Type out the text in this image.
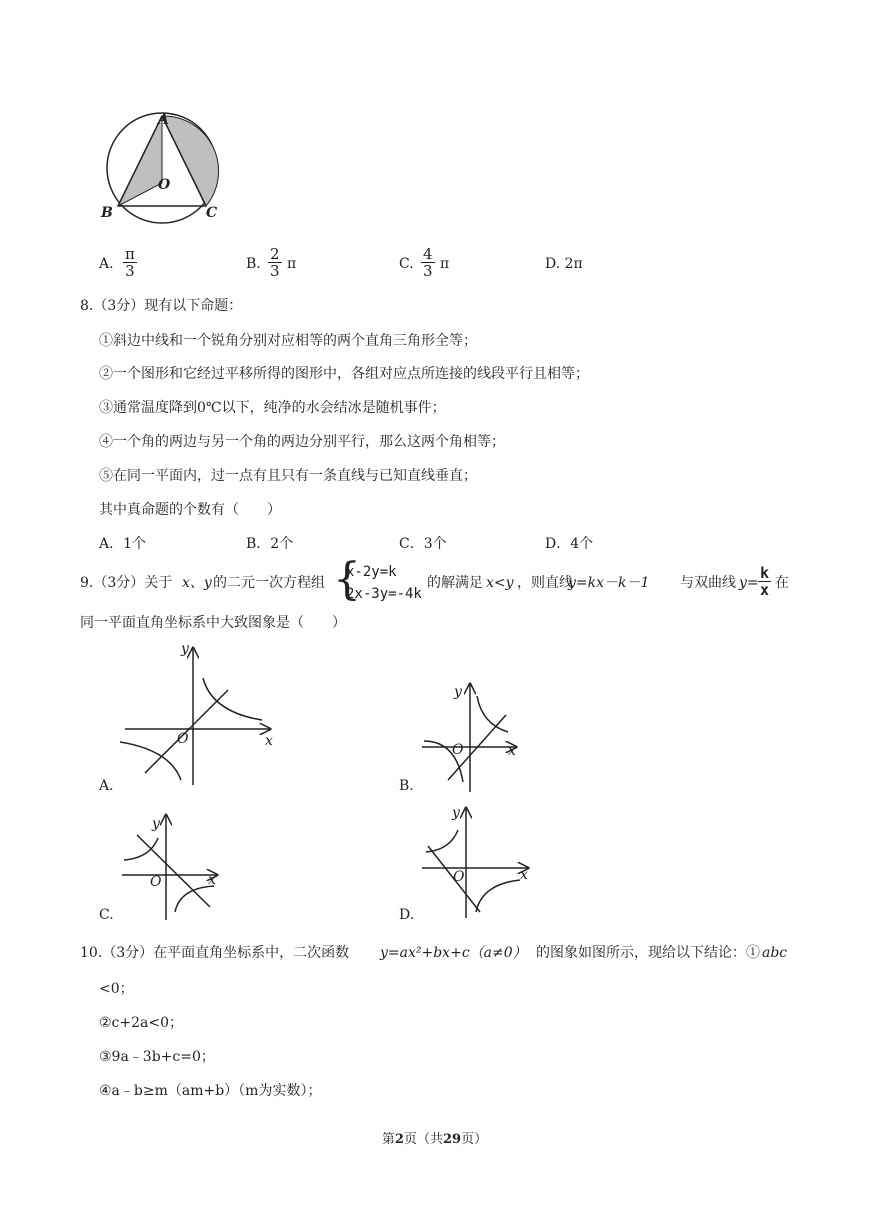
A
B	C
O
A. $\frac{\pi}{3}$	B. $\frac{2}{3}$ π	C. $\frac{4}{3}$ π	D. 2π
8.（3分）现有以下命题：
①斜边中线和一个锐角分别对应相等的两个直角三角形全等；
②一个图形和它经过平移所得的图形中，各组对应点所连接的线段平行且相等；
③通常温度降到0℃以下，纯净的水会结冰是随机事件；
④一个角的两边与另一个角的两边分别平行，那么这两个角相等；
⑤在同一平面内，过一点有且只有一条直线与已知直线垂直；
其中真命题的个数有（　　）
A．1个	B．2个	C．3个	D．4个
9.（3分）关于 x、y 的二元一次方程组 {
x-2y=k
2x-3y=-4k
的解满足 x<y ，则直线
y=kx－k－1 与双曲线 $y= \frac{k}{x}$ 在
同一平面直角坐标系中大致图象是（　　）
y
x
O
A.
y
x
O
B.
y
x
O
C.
y
x
O
D.
10.（3分）在平面直角坐标系中，二次函数 y=ax²+bx+c（a≠0） 的图象如图所示，现给以下结论：① abc
<0；
②c+2a<0；
③9a﹣3b+c=0；
④a﹣b≥m（am+b）（m为实数）；
第2页（共29页）
